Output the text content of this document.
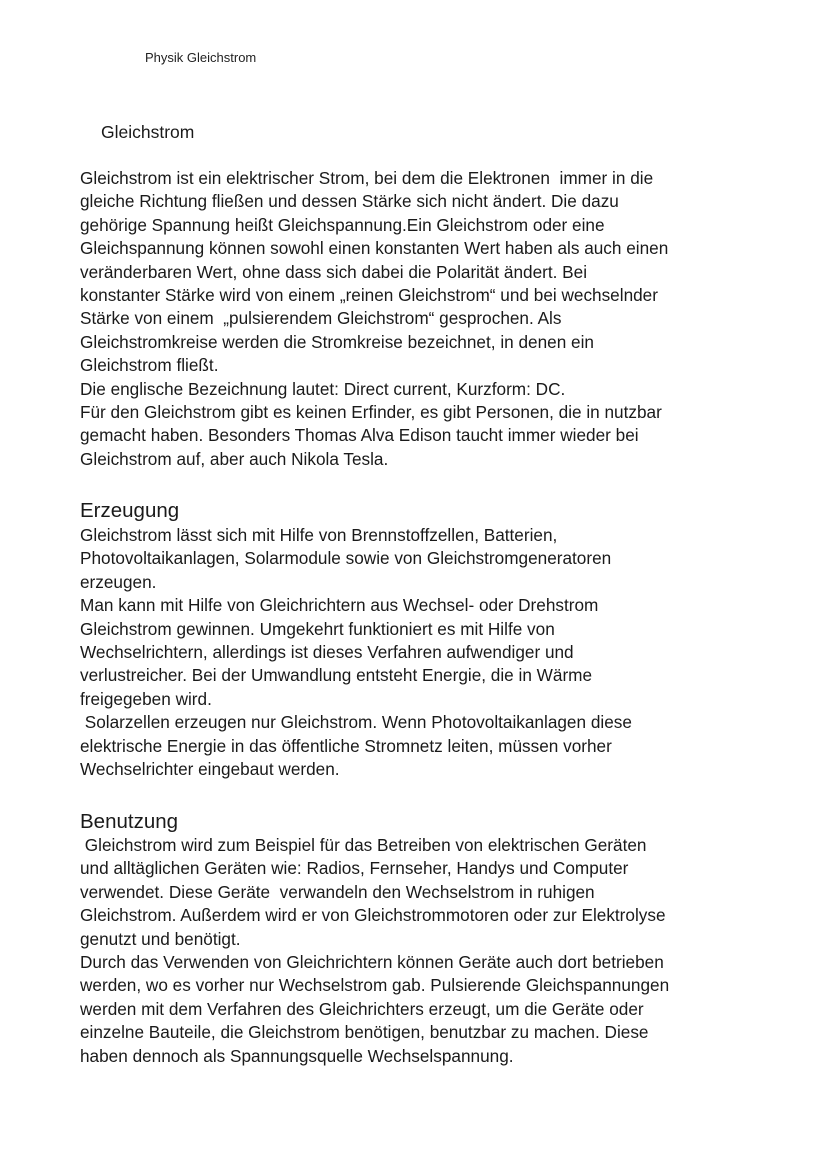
Physik Gleichstrom
Gleichstrom
Gleichstrom ist ein elektrischer Strom, bei dem die Elektronen  immer in die
gleiche Richtung fließen und dessen Stärke sich nicht ändert. Die dazu
gehörige Spannung heißt Gleichspannung.Ein Gleichstrom oder eine
Gleichspannung können sowohl einen konstanten Wert haben als auch einen
veränderbaren Wert, ohne dass sich dabei die Polarität ändert. Bei
konstanter Stärke wird von einem „reinen Gleichstrom“ und bei wechselnder
Stärke von einem  „pulsierendem Gleichstrom“ gesprochen. Als
Gleichstromkreise werden die Stromkreise bezeichnet, in denen ein
Gleichstrom fließt.
Die englische Bezeichnung lautet: Direct current, Kurzform: DC.
Für den Gleichstrom gibt es keinen Erfinder, es gibt Personen, die in nutzbar
gemacht haben. Besonders Thomas Alva Edison taucht immer wieder bei
Gleichstrom auf, aber auch Nikola Tesla.
Erzeugung
Gleichstrom lässt sich mit Hilfe von Brennstoffzellen, Batterien,
Photovoltaikanlagen, Solarmodule sowie von Gleichstromgeneratoren
erzeugen.
Man kann mit Hilfe von Gleichrichtern aus Wechsel- oder Drehstrom
Gleichstrom gewinnen. Umgekehrt funktioniert es mit Hilfe von
Wechselrichtern, allerdings ist dieses Verfahren aufwendiger und
verlustreicher. Bei der Umwandlung entsteht Energie, die in Wärme
freigegeben wird.
Solarzellen erzeugen nur Gleichstrom. Wenn Photovoltaikanlagen diese
elektrische Energie in das öffentliche Stromnetz leiten, müssen vorher
Wechselrichter eingebaut werden.
Benutzung
Gleichstrom wird zum Beispiel für das Betreiben von elektrischen Geräten
und alltäglichen Geräten wie: Radios, Fernseher, Handys und Computer
verwendet. Diese Geräte  verwandeln den Wechselstrom in ruhigen
Gleichstrom. Außerdem wird er von Gleichstrommotoren oder zur Elektrolyse
genutzt und benötigt.
Durch das Verwenden von Gleichrichtern können Geräte auch dort betrieben
werden, wo es vorher nur Wechselstrom gab. Pulsierende Gleichspannungen
werden mit dem Verfahren des Gleichrichters erzeugt, um die Geräte oder
einzelne Bauteile, die Gleichstrom benötigen, benutzbar zu machen. Diese
haben dennoch als Spannungsquelle Wechselspannung.
